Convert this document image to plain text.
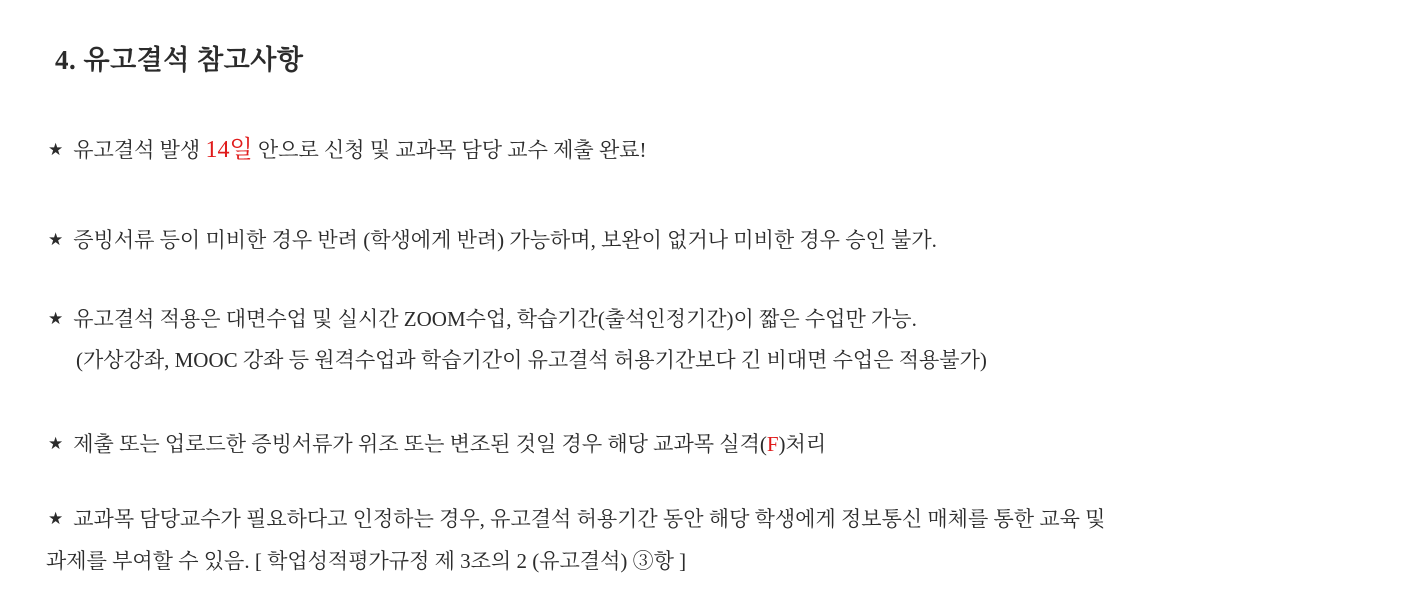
4. 유고결석 참고사항
★ 유고결석 발생 14일 안으로 신청 및 교과목 담당 교수 제출 완료!
★ 증빙서류 등이 미비한 경우 반려 (학생에게 반려) 가능하며, 보완이 없거나 미비한 경우 승인 불가.
★ 유고결석 적용은 대면수업 및 실시간 ZOOM수업, 학습기간(출석인정기간)이 짧은 수업만 가능.
(가상강좌, MOOC 강좌 등 원격수업과 학습기간이 유고결석 허용기간보다 긴 비대면 수업은 적용불가)
★ 제출 또는 업로드한 증빙서류가 위조 또는 변조된 것일 경우 해당 교과목 실격(F)처리
★ 교과목 담당교수가 필요하다고 인정하는 경우, 유고결석 허용기간 동안 해당 학생에게 정보통신 매체를 통한 교육 및
과제를 부여할 수 있음. [ 학업성적평가규정 제 3조의 2 (유고결석) ③항 ]
